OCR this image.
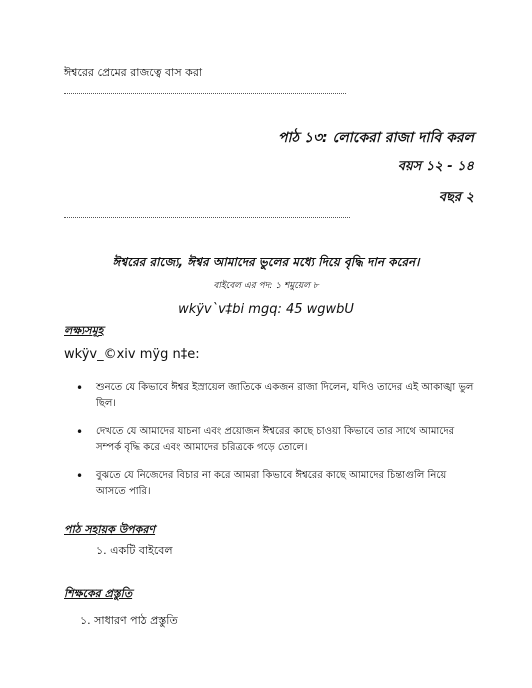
ঈশ্বরের প্রেমের রাজত্বে বাস করা
পাঠ ১৩: লোকেরা রাজা দাবি করল
বয়স ১২ - ১৪
বছর ২
ঈশ্বরের রাজ্যে, ঈশ্বর আমাদের ভুলের মধ্যে দিয়ে বৃদ্ধি দান করেন।
বাইবেল এর পদ: ১ শমুয়েল ৮
wkÿv`v‡bi mgq: 45 wgwbU
লক্ষ্যসমূহ
wkÿv_©xiv mÿg n‡e:
• শুনতে যে কিভাবে ঈশ্বর ইস্রায়েল জাতিকে একজন রাজা দিলেন, যদিও তাদের এই আকাঙ্খা ভুল ছিল।
• দেখতে যে আমাদের যাচনা এবং প্রয়োজন ঈশ্বরের কাছে চাওয়া কিভাবে তার সাথে আমাদের সম্পর্ক বৃদ্ধি করে এবং আমাদের চরিত্রকে গড়ে তোলে।
• বুঝতে যে নিজেদের বিচার না করে আমরা কিভাবে ঈশ্বরের কাছে আমাদের চিন্তাগুলি নিয়ে আসতে পারি।
পাঠ সহায়ক উপকরণ
১. একটি বাইবেল
শিক্ষকের প্রস্তুতি
১. সাধারণ পাঠ প্রস্তুতি
